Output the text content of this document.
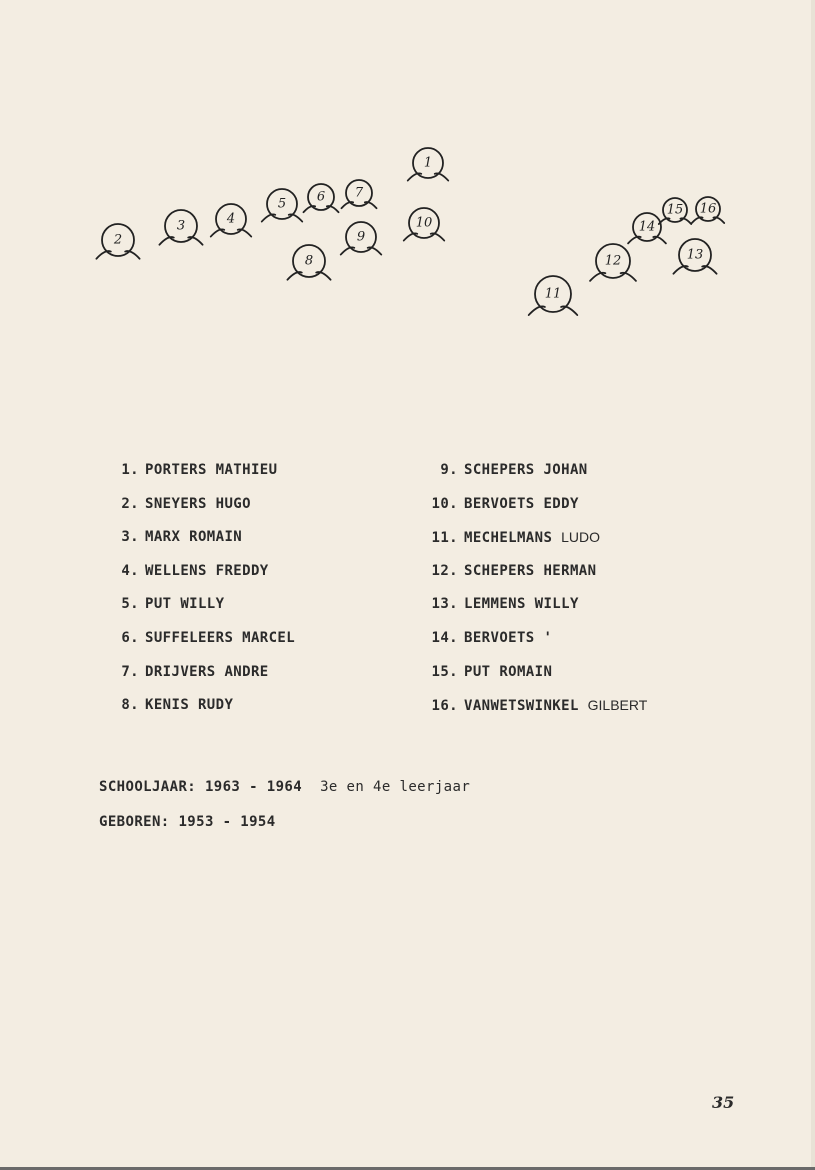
1
2
3	4
5 6 7
8
9
10
11
12	13
14
15 16
1. PORTERS MATHIEU
2. SNEYERS HUGO
3. MARX ROMAIN
4. WELLENS FREDDY
5. PUT WILLY
6. SUFFELEERS MARCEL
7. DRIJVERS ANDRE
8. KENIS RUDY
9. SCHEPERS JOHAN
10. BERVOETS EDDY
11. MECHELMANS LUDO
12. SCHEPERS HERMAN
13. LEMMENS WILLY
14. BERVOETS '
15. PUT ROMAIN
16. VANWETSWINKEL GILBERT
SCHOOLJAAR: 1963 - 1964 3e en 4e leerjaar
GEBOREN: 1953 - 1954
35
